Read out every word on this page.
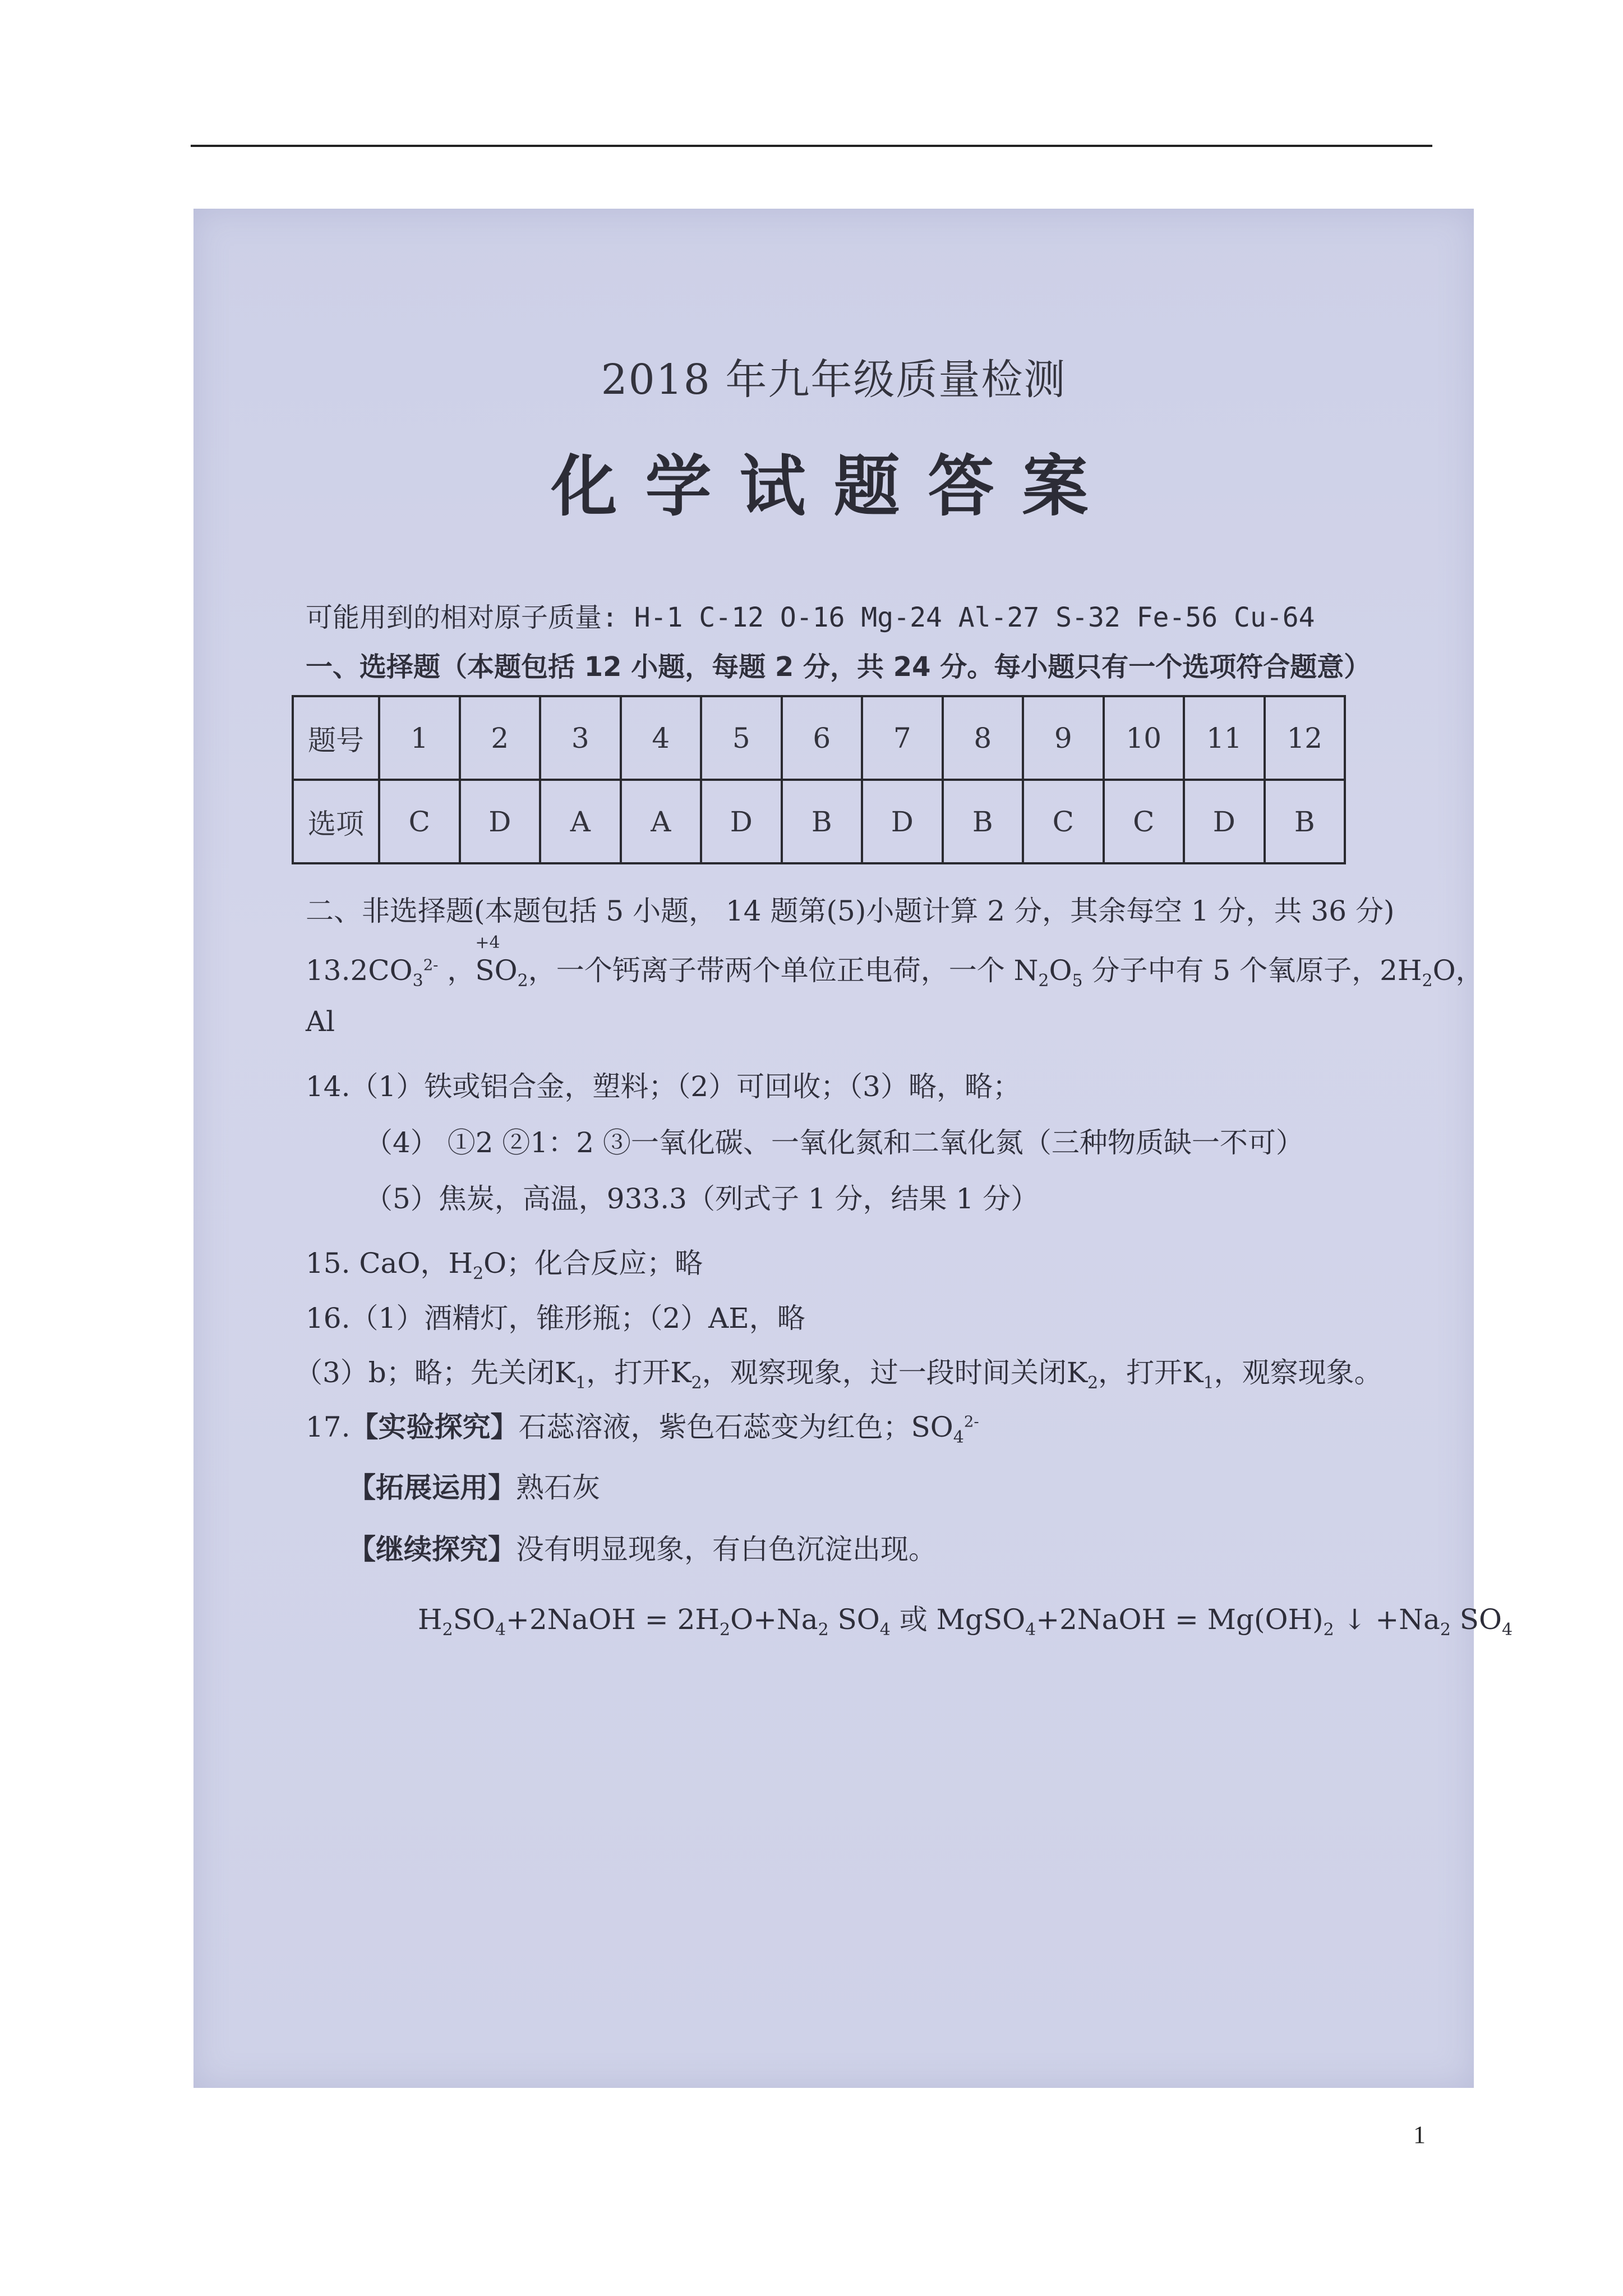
2018 年九年级质量检测
化学试题答案
可能用到的相对原子质量: H-1 C-12 O-16 Mg-24 Al-27 S-32 Fe-56 Cu-64
一、选择题（本题包括 12 小题，每题 2 分，共 24 分。每小题只有一个选项符合题意）
题号	1	2	3	4	5	6	7	8	9	10	11	12
选项	C	D	A	A	D	B	D	B	C	C	D	B
二、非选择题(本题包括 5 小题， 14 题第(5)小题计算 2 分，其余每空 1 分，共 36 分)
$13.2CO_3^{2-}$ ，
+4
$SO_2$，一个钙离子带两个单位正电荷，一个 $N_2O_5$ 分子中有 5 个氧原子，$2H_2O$，
Al
14.（1）铁或铝合金，塑料；（2）可回收；（3）略，略；
（4） ①2 ②1：2 ③一氧化碳、一氧化氮和二氧化氮（三种物质缺一不可）
（5）焦炭，高温，933.3（列式子 1 分，结果 1 分）
15. CaO，$H_2O$；化合反应；略
16.（1）酒精灯，锥形瓶；（2）AE，略
（3）b；略；先关闭$K_1$，打开$K_2$，观察现象，过一段时间关闭$K_2$，打开$K_1$，观察现象。
17.【实验探究】石蕊溶液，紫色石蕊变为红色；$SO_4^{2-}$
【拓展运用】熟石灰
【继续探究】没有明显现象，有白色沉淀出现。
$H_2SO_4+2NaOH = 2H_2O+Na_2$ $SO_4$ 或 MgSO$_4$+2NaOH = $Mg(OH)_2$ ↓ $+Na_2$ $SO_4$
1
